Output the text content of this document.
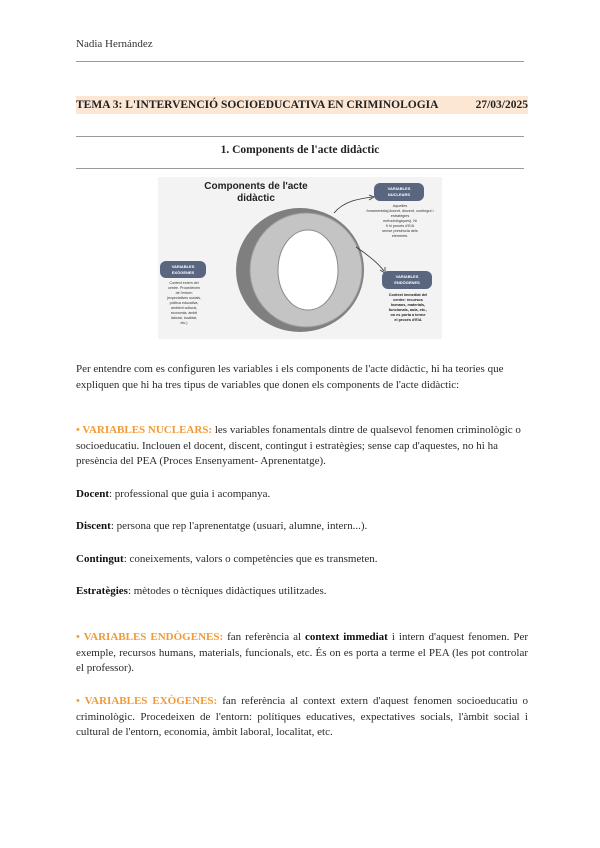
Nadia Hernández
TEMA 3: L'INTERVENCIÓ SOCIOEDUCATIVA EN CRIMINOLOGIA	27/03/2025
1. Components de l'acte didàctic
Components de l'acte
didàctic
VARIABLES
NUCLEARS
Aquelles
fonamentals(docent, discent, contingut i
estratègies
metodològiques). Ni
fi hi procés d'E/A
sense presència dels
elements.
VARIABLES
ENDÒGENES
Context immediat del
centre: recursos
humans, materials,
funcionals, aula, etc.,
on es porta a terme
el procés d'E/A
VARIABLES
EXÒGENES
Context extern del
centre. Procedeixen
de l'entorn
(expectatives socials,
política educativa,
ambient cultural,
economia, àmbit
laboral, localitat,
etc.)
Per entendre com es configuren les variables i els components de l'acte didàctic, hi ha teories que expliquen que hi ha tres tipus de variables que donen els components de l'acte didàctic:
• VARIABLES NUCLEARS: les variables fonamentals dintre de qualsevol fenomen criminològic o socioeducatiu. Inclouen el docent, discent, contingut i estratègies; sense cap d'aquestes, no hi ha presència del PEA (Proces Ensenyament- Aprenentatge).
Docent: professional que guia i acompanya.
Discent: persona que rep l'aprenentatge (usuari, alumne, intern...).
Contingut: coneixements, valors o competències que es transmeten.
Estratègies: mètodes o tècniques didàctiques utilitzades.
• VARIABLES ENDÒGENES: fan referència al context immediat i intern d'aquest fenomen. Per exemple, recursos humans, materials, funcionals, etc. És on es porta a terme el PEA (les pot controlar el professor).
• VARIABLES EXÒGENES: fan referència al context extern d'aquest fenomen socioeducatiu o criminològic. Procedeixen de l'entorn: polítiques educatives, expectatives socials, l'àmbit social i cultural de l'entorn, economia, àmbit laboral, localitat, etc.
